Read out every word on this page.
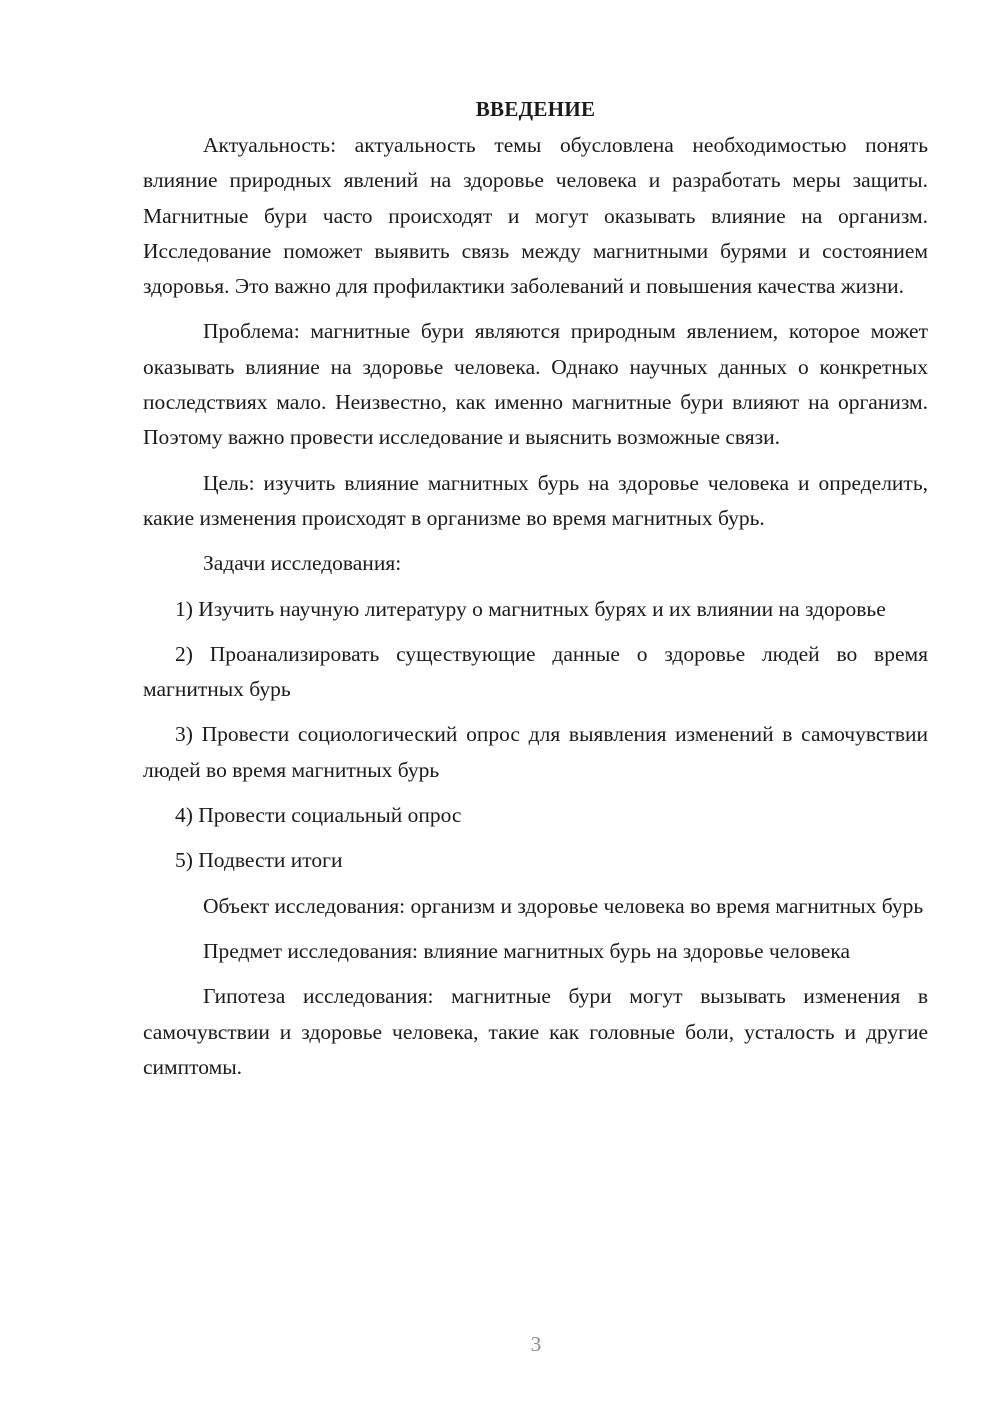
ВВЕДЕНИЕ

Актуальность: актуальность темы обусловлена необходимостью понять влияние природных явлений на здоровье человека и разработать меры защиты. Магнитные бури часто происходят и могут оказывать влияние на организм. Исследование поможет выявить связь между магнитными бурями и состоянием здоровья. Это важно для профилактики заболеваний и повышения качества жизни.

Проблема: магнитные бури являются природным явлением, которое может оказывать влияние на здоровье человека. Однако научных данных о конкретных последствиях мало. Неизвестно, как именно магнитные бури влияют на организм. Поэтому важно провести исследование и выяснить возможные связи.

Цель: изучить влияние магнитных бурь на здоровье человека и определить, какие изменения происходят в организме во время магнитных бурь.

Задачи исследования:

1) Изучить научную литературу о магнитных бурях и их влиянии на здоровье

2) Проанализировать существующие данные о здоровье людей во время магнитных бурь

3) Провести социологический опрос для выявления изменений в самочувствии людей во время магнитных бурь

4) Провести социальный опрос

5) Подвести итоги

Объект исследования: организм и здоровье человека во время магнитных бурь

Предмет исследования: влияние магнитных бурь на здоровье человека

Гипотеза исследования: магнитные бури могут вызывать изменения в самочувствии и здоровье человека, такие как головные боли, усталость и другие симптомы.

3
